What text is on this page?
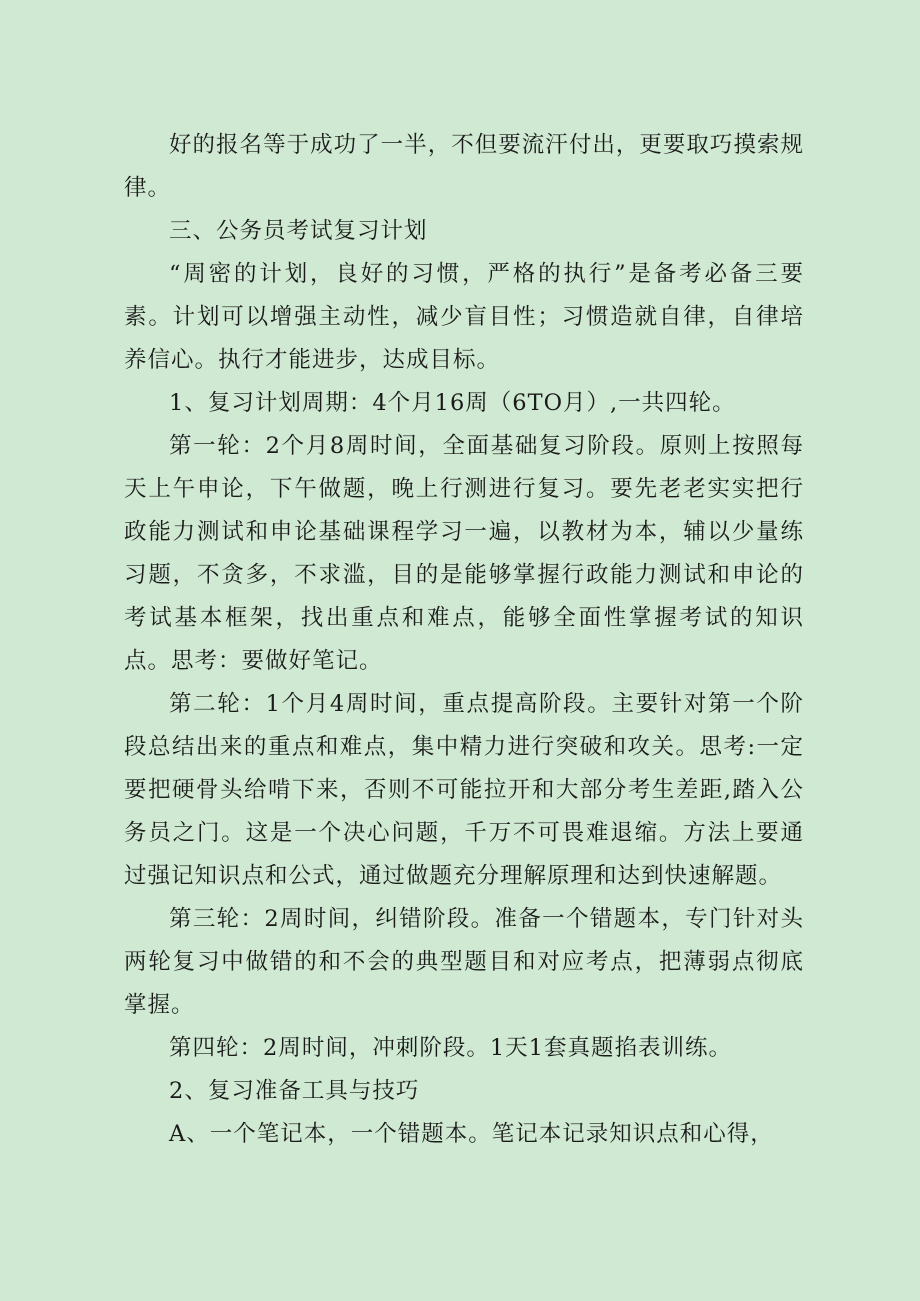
好的报名等于成功了一半，不但要流汗付出，更要取巧摸索规律。

三、公务员考试复习计划

“周密的计划，良好的习惯，严格的执行”是备考必备三要素。计划可以增强主动性，减少盲目性；习惯造就自律，自律培养信心。执行才能进步，达成目标。

1、复习计划周期：4个月16周（6TO月）,一共四轮。

第一轮：2个月8周时间，全面基础复习阶段。原则上按照每天上午申论，下午做题，晚上行测进行复习。要先老老实实把行政能力测试和申论基础课程学习一遍，以教材为本，辅以少量练习题，不贪多，不求滥，目的是能够掌握行政能力测试和申论的考试基本框架，找出重点和难点，能够全面性掌握考试的知识点。思考：要做好笔记。

第二轮：1个月4周时间，重点提高阶段。主要针对第一个阶段总结出来的重点和难点，集中精力进行突破和攻关。思考:一定要把硬骨头给啃下来，否则不可能拉开和大部分考生差距,踏入公务员之门。这是一个决心问题，千万不可畏难退缩。方法上要通过强记知识点和公式，通过做题充分理解原理和达到快速解题。

第三轮：2周时间，纠错阶段。准备一个错题本，专门针对头两轮复习中做错的和不会的典型题目和对应考点，把薄弱点彻底掌握。

第四轮：2周时间，冲刺阶段。1天1套真题掐表训练。

2、复习准备工具与技巧

A、一个笔记本，一个错题本。笔记本记录知识点和心得，
